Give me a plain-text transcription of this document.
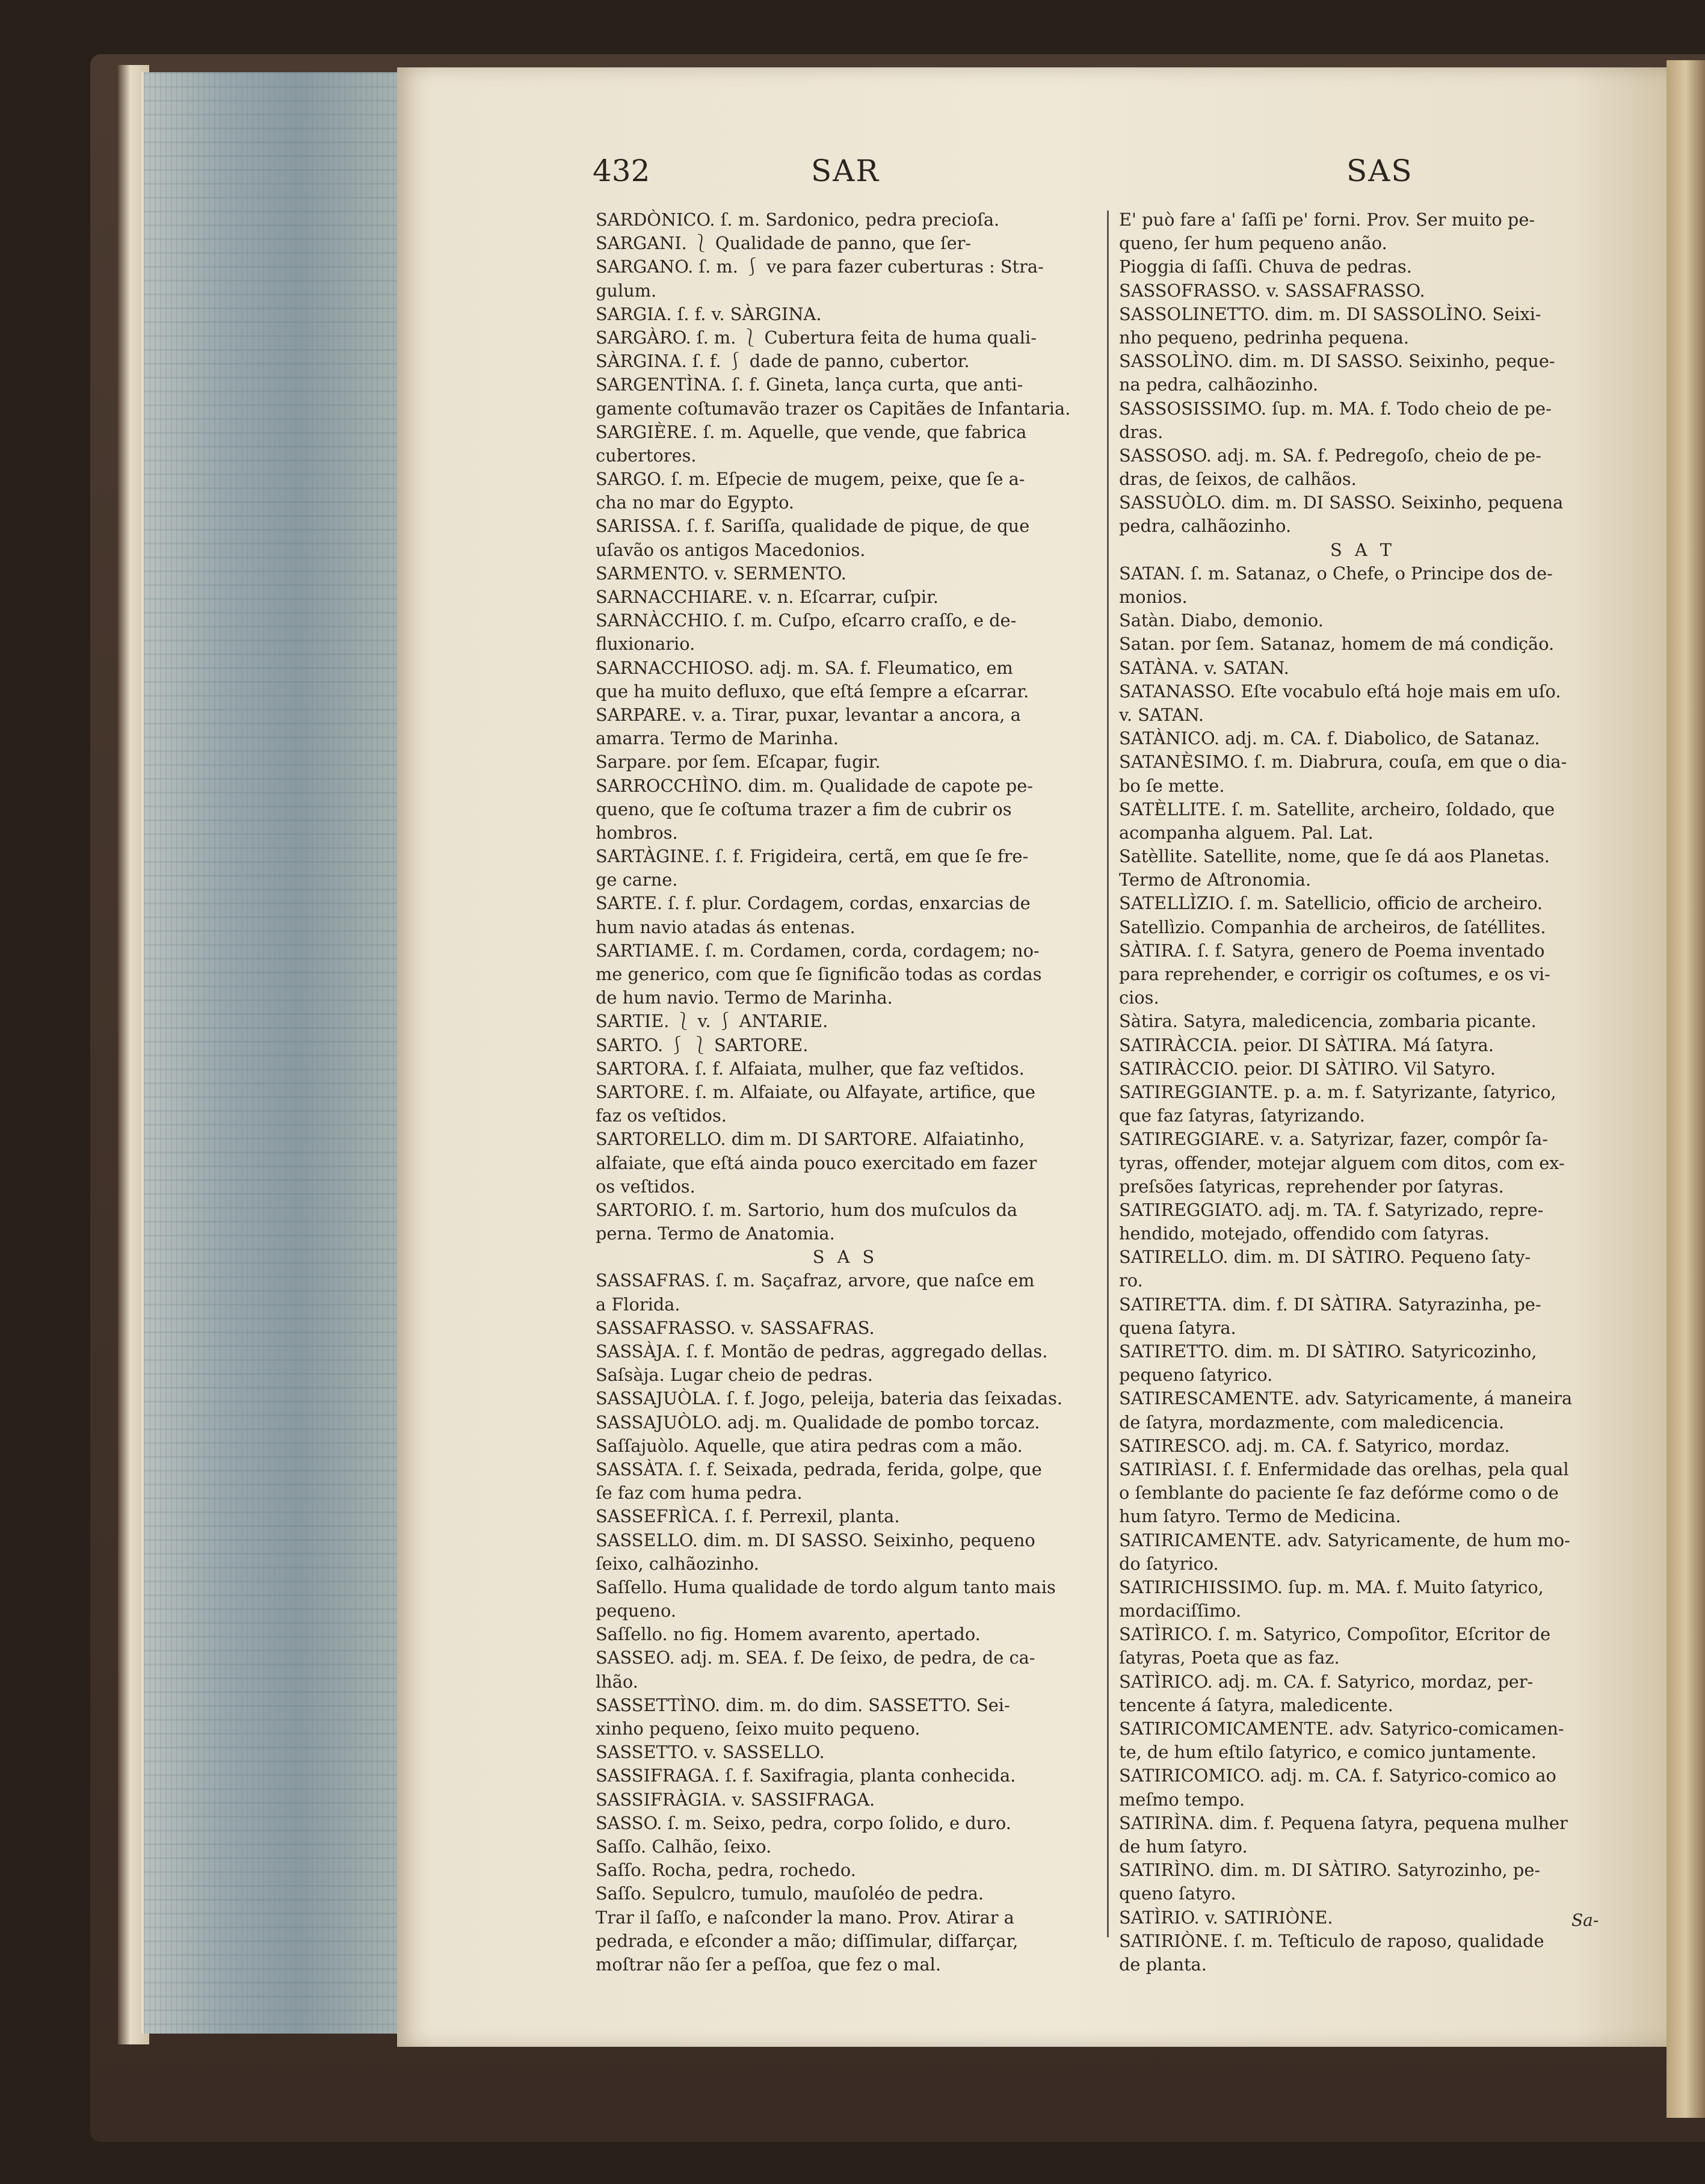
432	SAR	SAS
SARDÒNICO. ſ. m. Sardonico, pedra precioſa.
SARGANI. ⎱ Qualidade de panno, que ſer-
SARGANO. ſ. m. ⎰ ve para fazer cuberturas : Stra-
gulum.
SARGIA. ſ. f. v. SÀRGINA.
SARGÀRO. ſ. m. ⎱ Cubertura feita de huma quali-
SÀRGINA. ſ. f. ⎰ dade de panno, cubertor.
SARGENTÌNA. ſ. f. Gineta, lança curta, que anti-
gamente coſtumavão trazer os Capitães de Infantaria.
SARGIÈRE. ſ. m. Aquelle, que vende, que fabrica
cubertores.
SARGO. ſ. m. Eſpecie de mugem, peixe, que ſe a-
cha no mar do Egypto.
SARISSA. ſ. f. Sariſſa, qualidade de pique, de que
uſavão os antigos Macedonios.
SARMENTO. v. SERMENTO.
SARNACCHIARE. v. n. Eſcarrar, cuſpir.
SARNÀCCHIO. ſ. m. Cuſpo, eſcarro craſſo, e de-
fluxionario.
SARNACCHIOSO. adj. m. SA. f. Fleumatico, em
que ha muito defluxo, que eſtá ſempre a eſcarrar.
SARPARE. v. a. Tirar, puxar, levantar a ancora, a
amarra. Termo de Marinha.
Sarpare. por ſem. Eſcapar, fugir.
SARROCCHÌNO. dim. m. Qualidade de capote pe-
queno, que ſe coſtuma trazer a fim de cubrir os
hombros.
SARTÀGINE. ſ. f. Frigideira, certã, em que ſe fre-
ge carne.
SARTE. ſ. f. plur. Cordagem, cordas, enxarcias de
hum navio atadas ás entenas.
SARTIAME. ſ. m. Cordamen, corda, cordagem; no-
me generico, com que ſe ſignificão todas as cordas
de hum navio. Termo de Marinha.
SARTIE. ⎱ v. ⎰ ANTARIE.
SARTO. ⎰ ⎱ SARTORE.
SARTORA. ſ. f. Alfaiata, mulher, que faz veſtidos.
SARTORE. ſ. m. Alfaiate, ou Alfayate, artifice, que
faz os veſtidos.
SARTORELLO. dim m. DI SARTORE. Alfaiatinho,
alfaiate, que eſtá ainda pouco exercitado em fazer
os veſtidos.
SARTORIO. ſ. m. Sartorio, hum dos muſculos da
perna. Termo de Anatomia.
S A S
SASSAFRAS. ſ. m. Saçafraz, arvore, que naſce em
a Florida.
SASSAFRASSO. v. SASSAFRAS.
SASSÀJA. ſ. f. Montão de pedras, aggregado dellas.
Saſsàja. Lugar cheio de pedras.
SASSAJUÒLA. ſ. f. Jogo, peleija, bateria das ſeixadas.
SASSAJUÒLO. adj. m. Qualidade de pombo torcaz.
Saſſajuòlo. Aquelle, que atira pedras com a mão.
SASSÀTA. ſ. f. Seixada, pedrada, ferida, golpe, que
ſe faz com huma pedra.
SASSEFRÌCA. ſ. f. Perrexil, planta.
SASSELLO. dim. m. DI SASSO. Seixinho, pequeno
ſeixo, calhãozinho.
Saſſello. Huma qualidade de tordo algum tanto mais
pequeno.
Saſſello. no fig. Homem avarento, apertado.
SASSEO. adj. m. SEA. f. De ſeixo, de pedra, de ca-
lhão.
SASSETTÌNO. dim. m. do dim. SASSETTO. Sei-
xinho pequeno, ſeixo muito pequeno.
SASSETTO. v. SASSELLO.
SASSIFRAGA. ſ. f. Saxifragia, planta conhecida.
SASSIFRÀGIA. v. SASSIFRAGA.
SASSO. ſ. m. Seixo, pedra, corpo ſolido, e duro.
Saſſo. Calhão, ſeixo.
Saſſo. Rocha, pedra, rochedo.
Saſſo. Sepulcro, tumulo, mauſoléo de pedra.
Trar il ſaſſo, e naſconder la mano. Prov. Atirar a
pedrada, e eſconder a mão; diſſimular, diſfarçar,
moſtrar não ſer a peſſoa, que fez o mal.
E' può fare a' ſaſſi pe' forni. Prov. Ser muito pe-
queno, ſer hum pequeno anão.
Pioggia di ſaſſi. Chuva de pedras.
SASSOFRASSO. v. SASSAFRASSO.
SASSOLINETTO. dim. m. DI SASSOLÌNO. Seixi-
nho pequeno, pedrinha pequena.
SASSOLÌNO. dim. m. DI SASSO. Seixinho, peque-
na pedra, calhãozinho.
SASSOSISSIMO. ſup. m. MA. f. Todo cheio de pe-
dras.
SASSOSO. adj. m. SA. f. Pedregoſo, cheio de pe-
dras, de ſeixos, de calhãos.
SASSUÒLO. dim. m. DI SASSO. Seixinho, pequena
pedra, calhãozinho.
S A T
SATAN. ſ. m. Satanaz, o Chefe, o Principe dos de-
monios.
Satàn. Diabo, demonio.
Satan. por ſem. Satanaz, homem de má condição.
SATÀNA. v. SATAN.
SATANASSO. Eſte vocabulo eſtá hoje mais em uſo.
v. SATAN.
SATÀNICO. adj. m. CA. f. Diabolico, de Satanaz.
SATANÈSIMO. ſ. m. Diabrura, couſa, em que o dia-
bo ſe mette.
SATÈLLITE. ſ. m. Satellite, archeiro, ſoldado, que
acompanha alguem. Pal. Lat.
Satèllite. Satellite, nome, que ſe dá aos Planetas.
Termo de Aſtronomia.
SATELLÌZIO. ſ. m. Satellicio, officio de archeiro.
Satellìzio. Companhia de archeiros, de ſatéllites.
SÀTIRA. ſ. f. Satyra, genero de Poema inventado
para reprehender, e corrigir os coſtumes, e os vi-
cios.
Sàtira. Satyra, maledicencia, zombaria picante.
SATIRÀCCIA. peior. DI SÀTIRA. Má ſatyra.
SATIRÀCCIO. peior. DI SÀTIRO. Vil Satyro.
SATIREGGIANTE. p. a. m. f. Satyrizante, ſatyrico,
que faz ſatyras, ſatyrizando.
SATIREGGIARE. v. a. Satyrizar, fazer, compôr ſa-
tyras, offender, motejar alguem com ditos, com ex-
preſsões ſatyricas, reprehender por ſatyras.
SATIREGGIATO. adj. m. TA. f. Satyrizado, repre-
hendido, motejado, offendido com ſatyras.
SATIRELLO. dim. m. DI SÀTIRO. Pequeno ſaty-
ro.
SATIRETTA. dim. f. DI SÀTIRA. Satyrazinha, pe-
quena ſatyra.
SATIRETTO. dim. m. DI SÀTIRO. Satyricozinho,
pequeno ſatyrico.
SATIRESCAMENTE. adv. Satyricamente, á maneira
de ſatyra, mordazmente, com maledicencia.
SATIRESCO. adj. m. CA. f. Satyrico, mordaz.
SATIRÌASI. ſ. f. Enfermidade das orelhas, pela qual
o ſemblante do paciente ſe faz defórme como o de
hum ſatyro. Termo de Medicina.
SATIRICAMENTE. adv. Satyricamente, de hum mo-
do ſatyrico.
SATIRICHISSIMO. ſup. m. MA. f. Muito ſatyrico,
mordaciſſimo.
SATÌRICO. ſ. m. Satyrico, Compoſitor, Eſcritor de
ſatyras, Poeta que as faz.
SATÌRICO. adj. m. CA. f. Satyrico, mordaz, per-
tencente á ſatyra, maledicente.
SATIRICOMICAMENTE. adv. Satyrico-comicamen-
te, de hum eſtilo ſatyrico, e comico juntamente.
SATIRICOMICO. adj. m. CA. f. Satyrico-comico ao
meſmo tempo.
SATIRÌNA. dim. f. Pequena ſatyra, pequena mulher
de hum ſatyro.
SATIRÌNO. dim. m. DI SÀTIRO. Satyrozinho, pe-
queno ſatyro.
SATÌRIO. v. SATIRIÒNE.
SATIRIÒNE. ſ. m. Teſticulo de raposo, qualidade
de planta.
Sa-
